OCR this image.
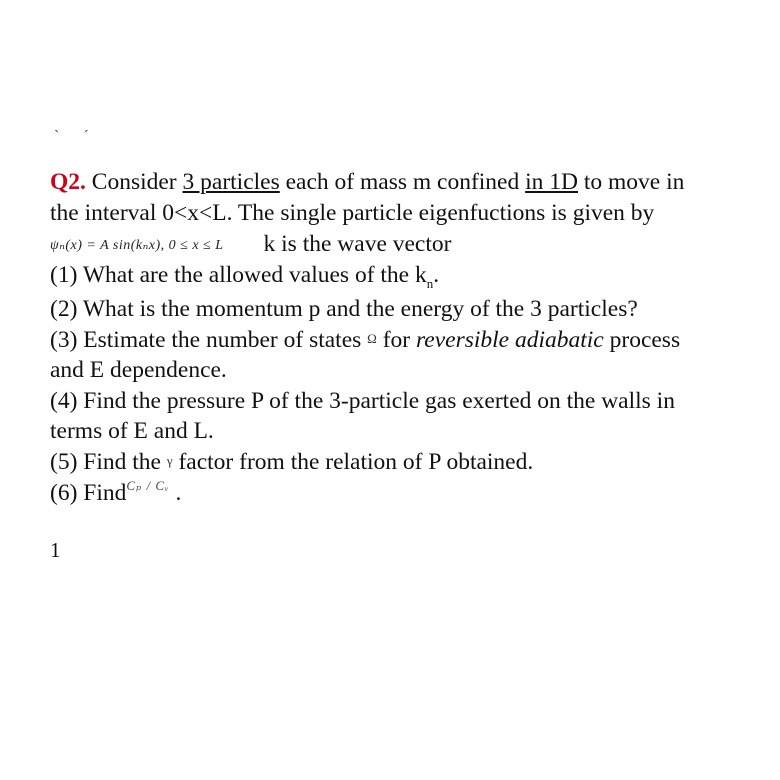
` ´
Q2. Consider 3 particles each of mass m confined in 1D to move in
the interval 0<x<L. The single particle eigenfuctions is given by
ψₙ(x) = A sin(kₙx), 0 ≤ x ≤ L k is the wave vector
(1) What are the allowed values of the $k_n$.
(2) What is the momentum p and the energy of the 3 particles?
(3) Estimate the number of states Ω for reversible adiabatic process
and E dependence.
(4) Find the pressure P of the 3-particle gas exerted on the walls in
terms of E and L.
(5) Find the γ factor from the relation of P obtained.
(6) Find$^{C_p / Cᵥ}$ .
1
